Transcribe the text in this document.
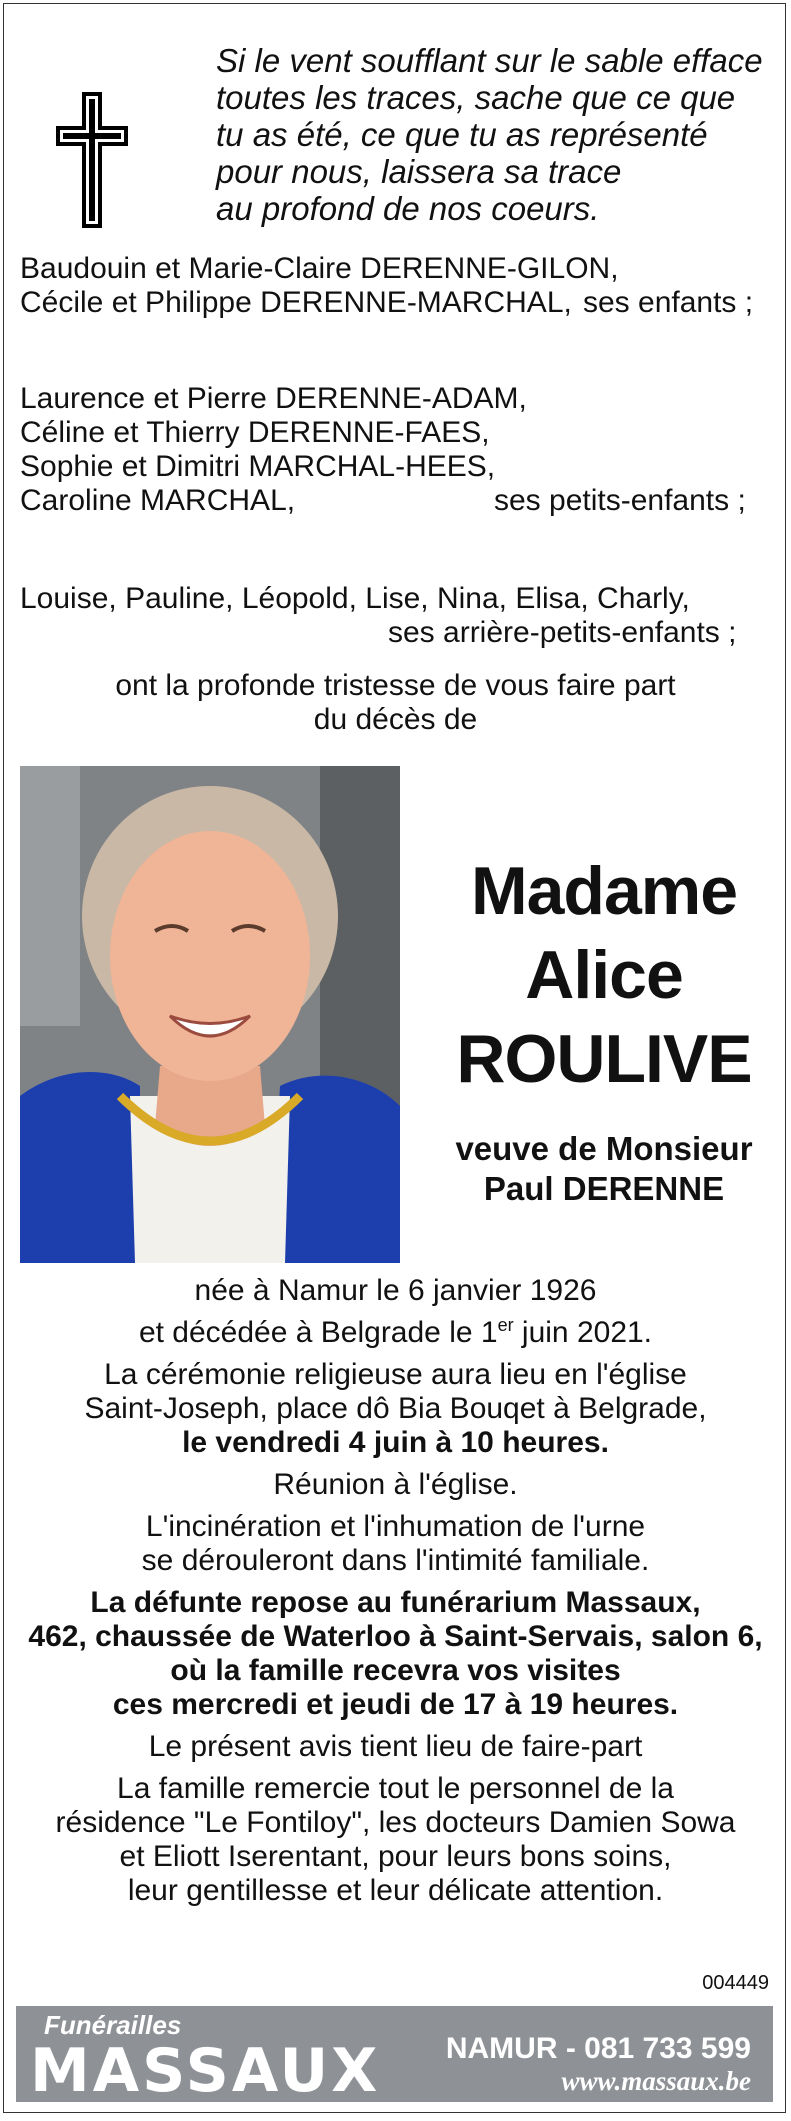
Si le vent soufflant sur le sable efface
toutes les traces, sache que ce que
tu as été, ce que tu as représenté
pour nous, laissera sa trace
au profond de nos coeurs.
Baudouin et Marie-Claire DERENNE-GILON,
Cécile et Philippe DERENNE-MARCHAL, ses enfants ;
Laurence et Pierre DERENNE-ADAM,
Céline et Thierry DERENNE-FAES,
Sophie et Dimitri MARCHAL-HEES,
Caroline MARCHAL,	ses petits-enfants ;
Louise, Pauline, Léopold, Lise, Nina, Elisa, Charly,
ses arrière-petits-enfants ;
ont la profonde tristesse de vous faire part
du décès de
Madame
Alice
ROULIVE
veuve de Monsieur
Paul DERENNE

née à Namur le 6 janvier 1926
et décédée à Belgrade le 1er juin 2021.

La cérémonie religieuse aura lieu en l'église
Saint-Joseph, place dô Bia Bouqet à Belgrade,
le vendredi 4 juin à 10 heures.

Réunion à l'église.

L'incinération et l'inhumation de l'urne
se dérouleront dans l'intimité familiale.

La défunte repose au funérarium Massaux,
462, chaussée de Waterloo à Saint-Servais, salon 6,
où la famille recevra vos visites
ces mercredi et jeudi de 17 à 19 heures.

Le présent avis tient lieu de faire-part

La famille remercie tout le personnel de la
résidence "Le Fontiloy", les docteurs Damien Sowa
et Eliott Iserentant, pour leurs bons soins,
leur gentillesse et leur délicate attention.

004449
Funérailles
MASSAUX NAMUR - 081 733 599
www.massaux.be
